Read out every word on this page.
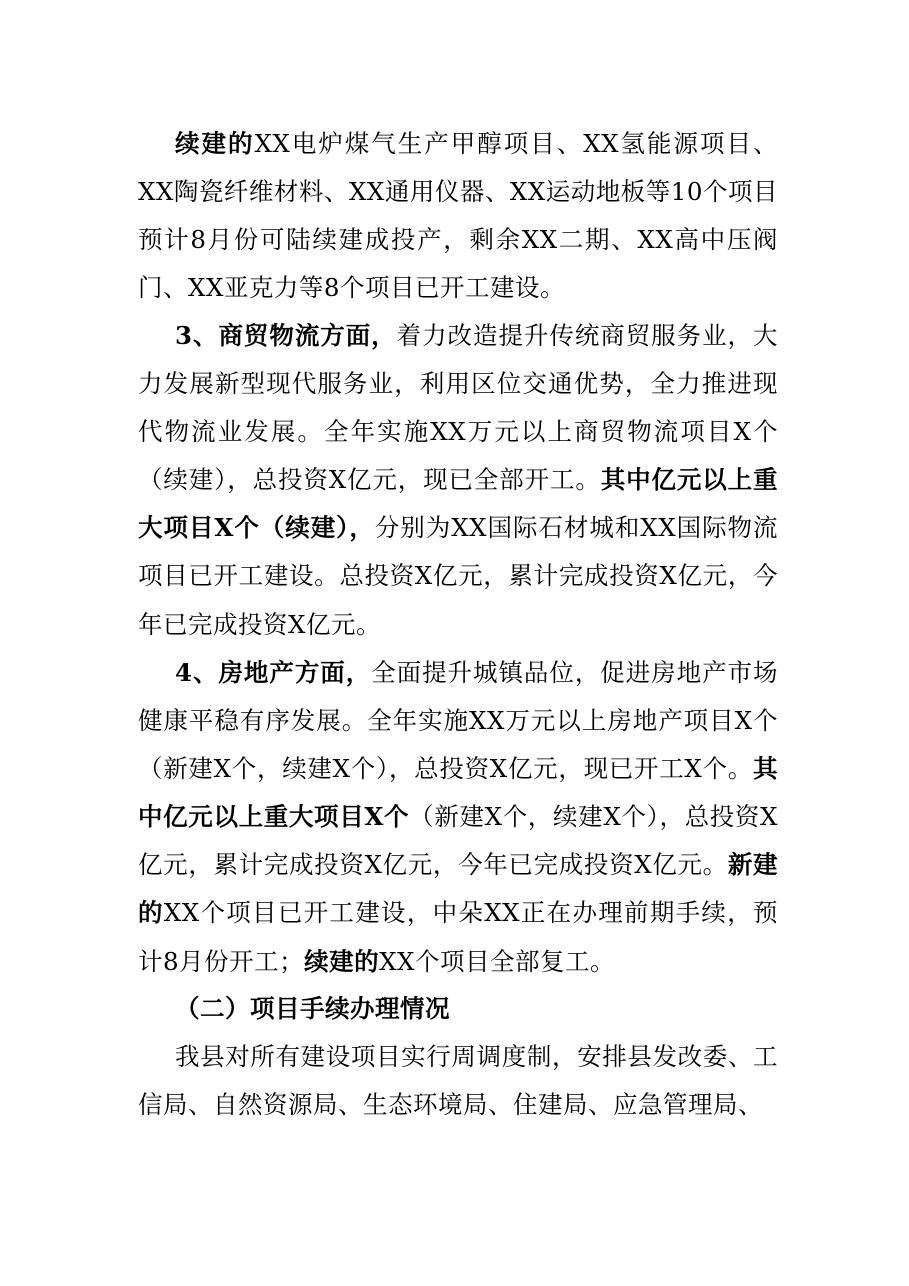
续建的XX电炉煤气生产甲醇项目、XX氢能源项目、XX陶瓷纤维材料、XX通用仪器、XX运动地板等10个项目预计8月份可陆续建成投产，剩余XX二期、XX高中压阀门、XX亚克力等8个项目已开工建设。

3、商贸物流方面，着力改造提升传统商贸服务业，大力发展新型现代服务业，利用区位交通优势，全力推进现代物流业发展。全年实施XX万元以上商贸物流项目X个（续建），总投资X亿元，现已全部开工。其中亿元以上重大项目X个（续建），分别为XX国际石材城和XX国际物流项目已开工建设。总投资X亿元，累计完成投资X亿元，今年已完成投资X亿元。

4、房地产方面，全面提升城镇品位，促进房地产市场健康平稳有序发展。全年实施XX万元以上房地产项目X个（新建X个，续建X个），总投资X亿元，现已开工X个。其中亿元以上重大项目X个（新建X个，续建X个），总投资X亿元，累计完成投资X亿元，今年已完成投资X亿元。新建的XX个项目已开工建设，中朵XX正在办理前期手续，预计8月份开工；续建的XX个项目全部复工。

（二）项目手续办理情况

我县对所有建设项目实行周调度制，安排县发改委、工信局、自然资源局、生态环境局、住建局、应急管理局、
